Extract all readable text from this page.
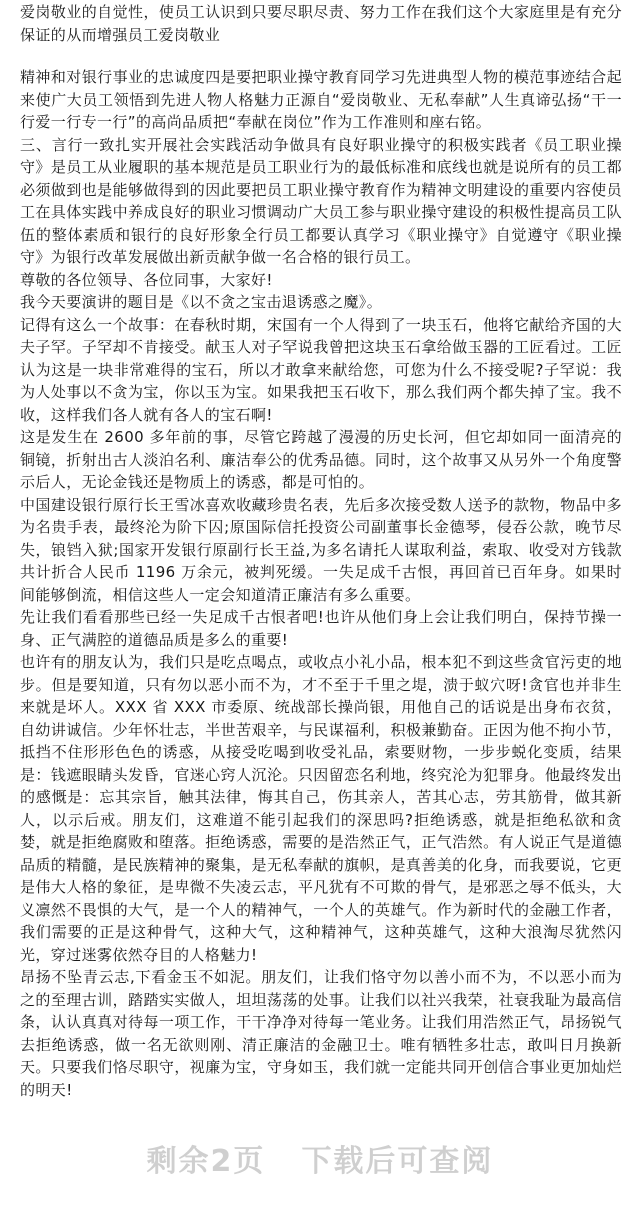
爱岗敬业的自觉性，使员工认识到只要尽职尽责、努力工作在我们这个大家庭里是有充分保证的从而增强员工爱岗敬业

精神和对银行事业的忠诚度四是要把职业操守教育同学习先进典型人物的模范事迹结合起来使广大员工领悟到先进人物人格魅力正源自“爱岗敬业、无私奉献”人生真谛弘扬“干一行爱一行专一行”的高尚品质把“奉献在岗位”作为工作准则和座右铭。

三、言行一致扎实开展社会实践活动争做具有良好职业操守的积极实践者《员工职业操守》是员工从业履职的基本规范是员工职业行为的最低标准和底线也就是说所有的员工都必须做到也是能够做得到的因此要把员工职业操守教育作为精神文明建设的重要内容使员工在具体实践中养成良好的职业习惯调动广大员工参与职业操守建设的积极性提高员工队伍的整体素质和银行的良好形象全行员工都要认真学习《职业操守》自觉遵守《职业操守》为银行改革发展做出新贡献争做一名合格的银行员工。

尊敬的各位领导、各位同事，大家好!

我今天要演讲的题目是《以不贪之宝击退诱惑之魔》。

记得有这么一个故事：在春秋时期，宋国有一个人得到了一块玉石，他将它献给齐国的大夫子罕。子罕却不肯接受。献玉人对子罕说我曾把这块玉石拿给做玉器的工匠看过。工匠认为这是一块非常难得的宝石，所以才敢拿来献给您，可您为什么不接受呢?子罕说：我为人处事以不贪为宝，你以玉为宝。如果我把玉石收下，那么我们两个都失掉了宝。我不收，这样我们各人就有各人的宝石啊!

这是发生在 2600 多年前的事，尽管它跨越了漫漫的历史长河，但它却如同一面清亮的铜镜，折射出古人淡泊名利、廉洁奉公的优秀品德。同时，这个故事又从另外一个角度警示后人，无论金钱还是物质上的诱惑，都是可怕的。

中国建设银行原行长王雪冰喜欢收藏珍贵名表，先后多次接受数人送予的款物，物品中多为名贵手表，最终沦为阶下囚;原国际信托投资公司副董事长金德琴，侵吞公款，晚节尽失，锒铛入狱;国家开发银行原副行长王益,为多名请托人谋取利益，索取、收受对方钱款共计折合人民币 1196 万余元，被判死缓。一失足成千古恨，再回首已百年身。如果时间能够倒流，相信这些人一定会知道清正廉洁有多么重要。

先让我们看看那些已经一失足成千古恨者吧!也许从他们身上会让我们明白，保持节操一身、正气满腔的道德品质是多么的重要!

也许有的朋友认为，我们只是吃点喝点，或收点小礼小品，根本犯不到这些贪官污吏的地步。但是要知道，只有勿以恶小而不为，才不至于千里之堤，溃于蚁穴呀!贪官也并非生来就是坏人。XXX 省 XXX 市委原、统战部长操尚银，用他自己的话说是出身布衣贫，自幼讲诚信。少年怀壮志，半世苦艰辛，与民谋福利，积极兼勤奋。正因为他不拘小节，抵挡不住形形色色的诱惑，从接受吃喝到收受礼品，索要财物，一步步蜕化变质，结果是：钱遮眼睛头发昏，官迷心窍人沉沦。只因留恋名利地，终究沦为犯罪身。他最终发出的感慨是：忘其宗旨，触其法律，悔其自己，伤其亲人，苦其心志，劳其筋骨，做其新人，以示后戒。朋友们，这难道不能引起我们的深思吗?拒绝诱惑，就是拒绝私欲和贪婪，就是拒绝腐败和堕落。拒绝诱惑，需要的是浩然正气，正气浩然。有人说正气是道德品质的精髓，是民族精神的聚集，是无私奉献的旗帜，是真善美的化身，而我要说，它更是伟大人格的象征，是卑微不失凌云志，平凡犹有不可欺的骨气，是邪恶之辱不低头，大义凛然不畏惧的大气，是一个人的精神气，一个人的英雄气。作为新时代的金融工作者，我们需要的正是这种骨气，这种大气，这种精神气，这种英雄气，这种大浪淘尽犹然闪光，穿过迷雾依然夺目的人格魅力!

昂扬不坠青云志,下看金玉不如泥。朋友们，让我们恪守勿以善小而不为，不以恶小而为之的至理古训，踏踏实实做人，坦坦荡荡的处事。让我们以社兴我荣，社衰我耻为最高信条，认认真真对待每一项工作，干干净净对待每一笔业务。让我们用浩然正气，昂扬锐气去拒绝诱惑，做一名无欲则刚、清正廉洁的金融卫士。唯有牺牲多壮志，敢叫日月换新天。只要我们恪尽职守，视廉为宝，守身如玉，我们就一定能共同开创信合事业更加灿烂的明天!

剩余2页 下载后可查阅
